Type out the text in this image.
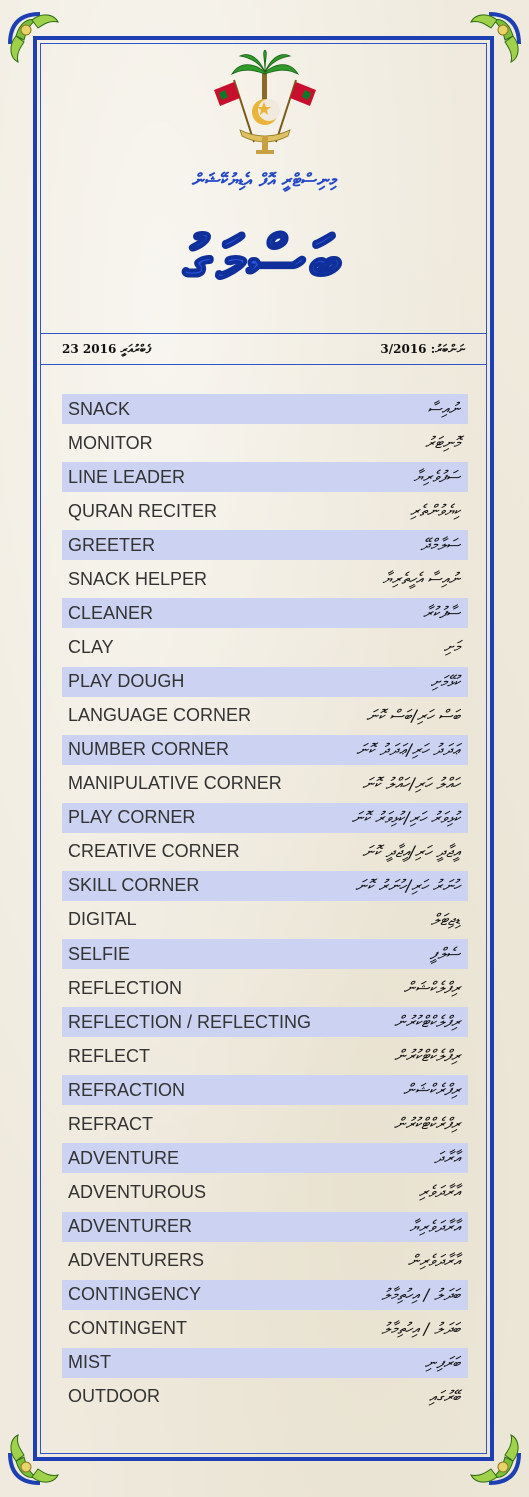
މިނިސްޓްރީ އޮފް އެޑިޔުކޭޝަން
ބަސްމަގު
23 ފެބްރުއަރީ 2016	ނަންބަރު: 3/2016
SNACK	ނުއިސާ
MONITOR	މޮނިޓަރު
LINE LEADER	ސަފުވެރިޔާ
QURAN RECITER	ކިޔެވުންތެރި
GREETER	ސަލާމްދޭ
SNACK HELPER	ނުއިސާ އެހީތެރިޔާ
CLEANER	ސާފުކުރާ
CLAY	މަށި
PLAY DOUGH	ކުޅޭމަށި
LANGUAGE CORNER	ބަސް ހަރި/ބަސް ކޮނަ
NUMBER CORNER	ޢަދަދު ހަރި/ޢަދަދު ކޮނަ
MANIPULATIVE CORNER	ހައްލު ހަރި/ހައްލު ކޮނަ
PLAY CORNER	ކުޅިވަރު ހަރި/ކުޅިވަރު ކޮނަ
CREATIVE CORNER	އީޖާދީ ހަރި/އީޖާދީ ކޮނަ
SKILL CORNER	ހުނަރު ހަރި/ހުނަރު ކޮނަ
DIGITAL	ޑިޖިޓަލް
SELFIE	ސެލްފީ
REFLECTION	ރިފްލެކްޝަން
REFLECTION / REFLECTING	ރިފްލެކްޓްކުރުން
REFLECT	ރިފްލެކްޓްކުރުން
REFRACTION	ރިފްރެކްޝަން
REFRACT	ރިފްރެކްޓްކުރުން
ADVENTURE	އާރާދަ
ADVENTUROUS	އާރާދަވެރި
ADVENTURER	އާރާދަވެރިޔާ
ADVENTURERS	އާރާދަވެރިން
CONTINGENCY	ބަދަލު / އިހުތިމާލު
CONTINGENT	ބަދަލު / އިހުތިމާލު
MIST	ބަރަފިނި
OUTDOOR	ބޭރުގައި
